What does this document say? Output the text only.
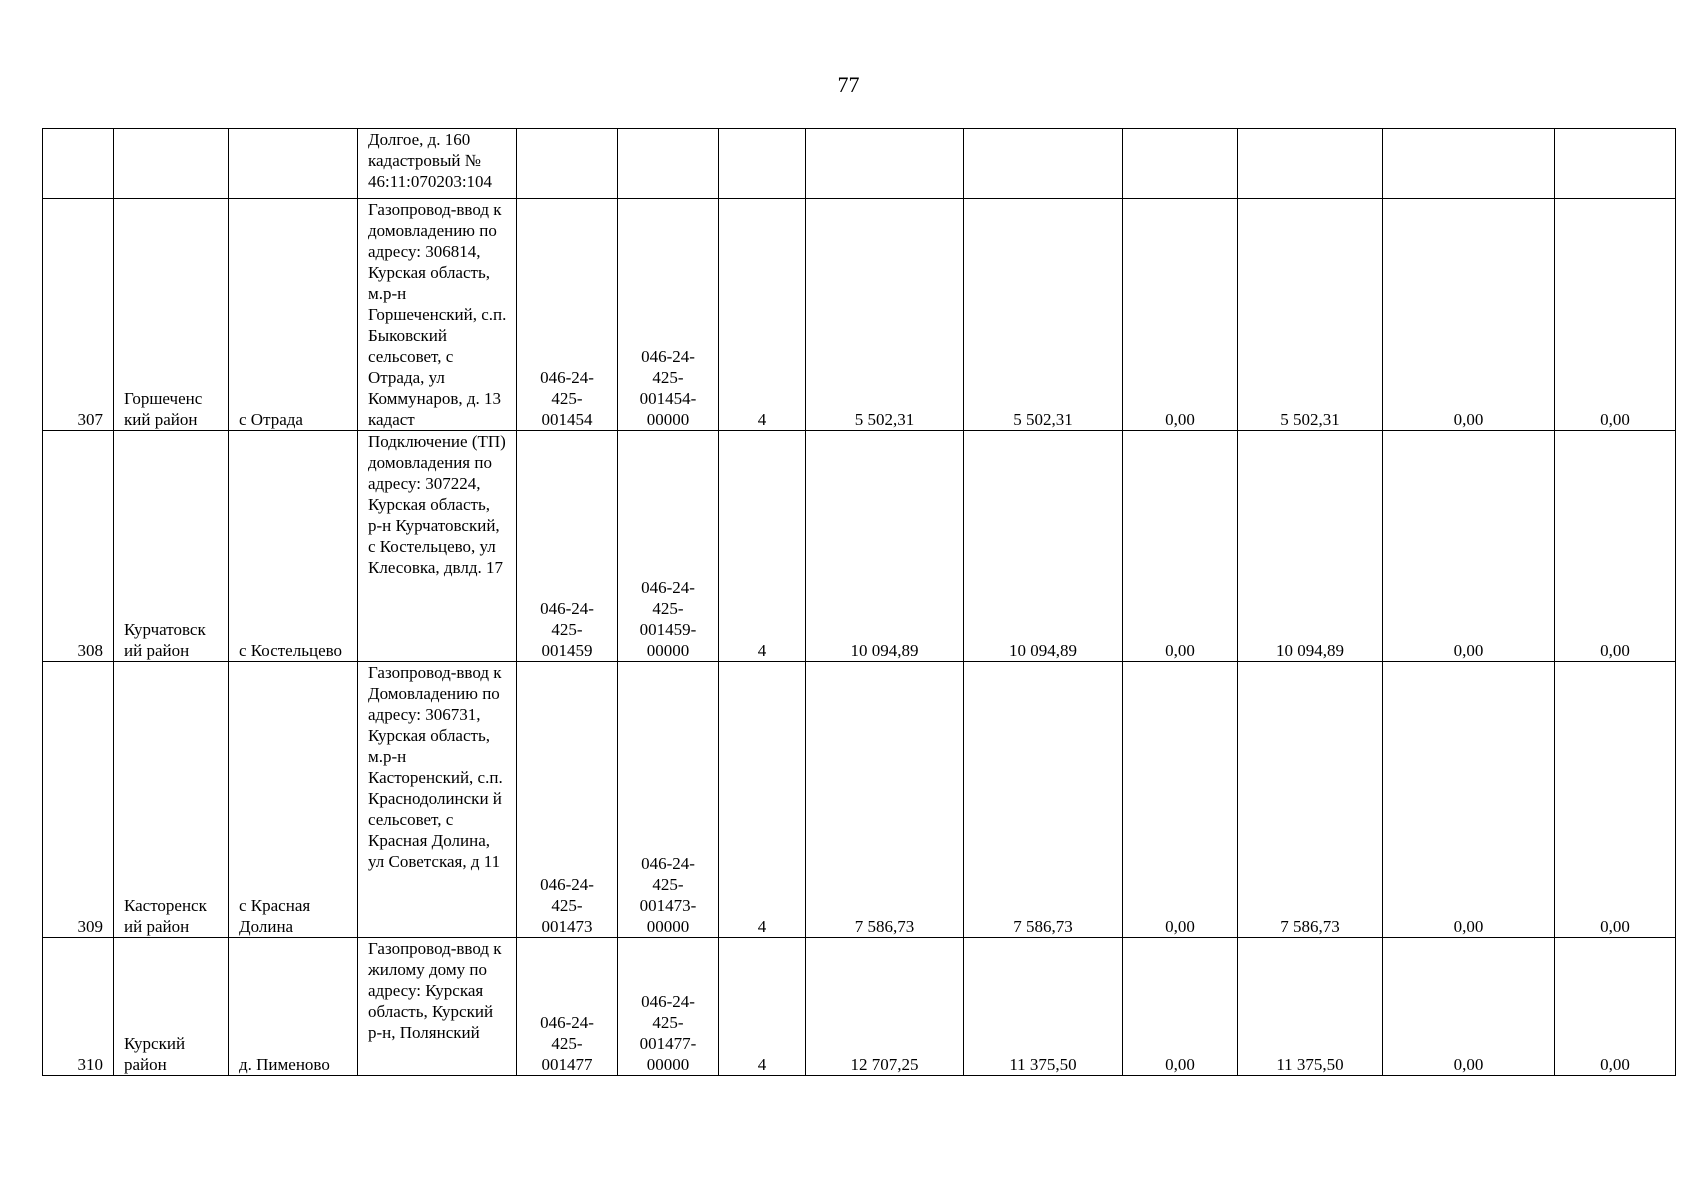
77
			Долгое, д. 160 кадастровый № 46:11:070203:104									
307	Горшеченс кий район	с Отрада	Газопровод-ввод к домовладению по адресу: 306814, Курская область, м.р-н Горшеченский, с.п. Быковский сельсовет, с Отрада, ул Коммунаров, д. 13 кадаст	046-24-425-001454	046-24-425-001454-00000	4	5 502,31	5 502,31	0,00	5 502,31	0,00	0,00
308	Курчатовск ий район	с Костельцево	Подключение (ТП) домовладения по адресу: 307224, Курская область, р-н Курчатовский, с Костельцево, ул Клесовка, двлд. 17	046-24-425-001459	046-24-425-001459-00000	4	10 094,89	10 094,89	0,00	10 094,89	0,00	0,00
309	Касторенск ий район	с Красная Долина	Газопровод-ввод к Домовладению по адресу: 306731, Курская область, м.р-н Касторенский, с.п. Краснодолински й сельсовет, с Красная Долина, ул Советская, д 11	046-24-425-001473	046-24-425-001473-00000	4	7 586,73	7 586,73	0,00	7 586,73	0,00	0,00
310	Курский район	д. Пименово	Газопровод-ввод к жилому дому по адресу: Курская область, Курский р-н, Полянский	046-24-425-001477	046-24-425-001477-00000	4	12 707,25	11 375,50	0,00	11 375,50	0,00	0,00
